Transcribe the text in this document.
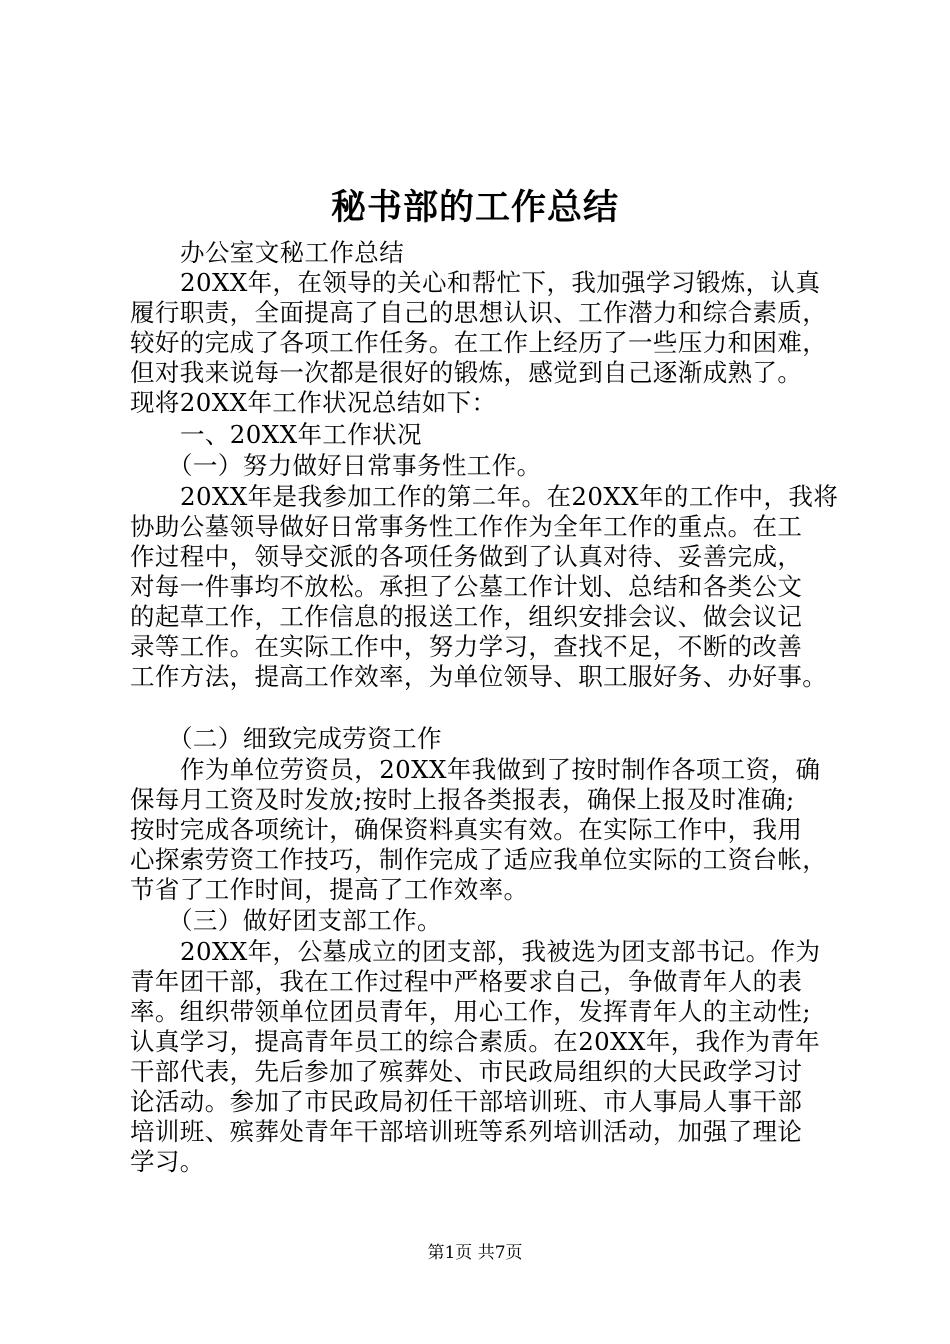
秘书部的工作总结
办公室文秘工作总结
20XX年，在领导的关心和帮忙下，我加强学习锻炼，认真
履行职责，全面提高了自己的思想认识、工作潜力和综合素质，
较好的完成了各项工作任务。在工作上经历了一些压力和困难，
但对我来说每一次都是很好的锻炼，感觉到自己逐渐成熟了。
现将20XX年工作状况总结如下：
一、20XX年工作状况
（一）努力做好日常事务性工作。
20XX年是我参加工作的第二年。在20XX年的工作中，我将
协助公墓领导做好日常事务性工作作为全年工作的重点。在工
作过程中，领导交派的各项任务做到了认真对待、妥善完成，
对每一件事均不放松。承担了公墓工作计划、总结和各类公文
的起草工作，工作信息的报送工作，组织安排会议、做会议记
录等工作。在实际工作中，努力学习，查找不足，不断的改善
工作方法，提高工作效率，为单位领导、职工服好务、办好事。
（二）细致完成劳资工作
作为单位劳资员，20XX年我做到了按时制作各项工资，确
保每月工资及时发放;按时上报各类报表，确保上报及时准确;
按时完成各项统计，确保资料真实有效。在实际工作中，我用
心探索劳资工作技巧，制作完成了适应我单位实际的工资台帐，
节省了工作时间，提高了工作效率。
（三）做好团支部工作。
20XX年，公墓成立的团支部，我被选为团支部书记。作为
青年团干部，我在工作过程中严格要求自己，争做青年人的表
率。组织带领单位团员青年，用心工作，发挥青年人的主动性;
认真学习，提高青年员工的综合素质。在20XX年，我作为青年
干部代表，先后参加了殡葬处、市民政局组织的大民政学习讨
论活动。参加了市民政局初任干部培训班、市人事局人事干部
培训班、殡葬处青年干部培训班等系列培训活动，加强了理论
学习。
第1页 共7页
